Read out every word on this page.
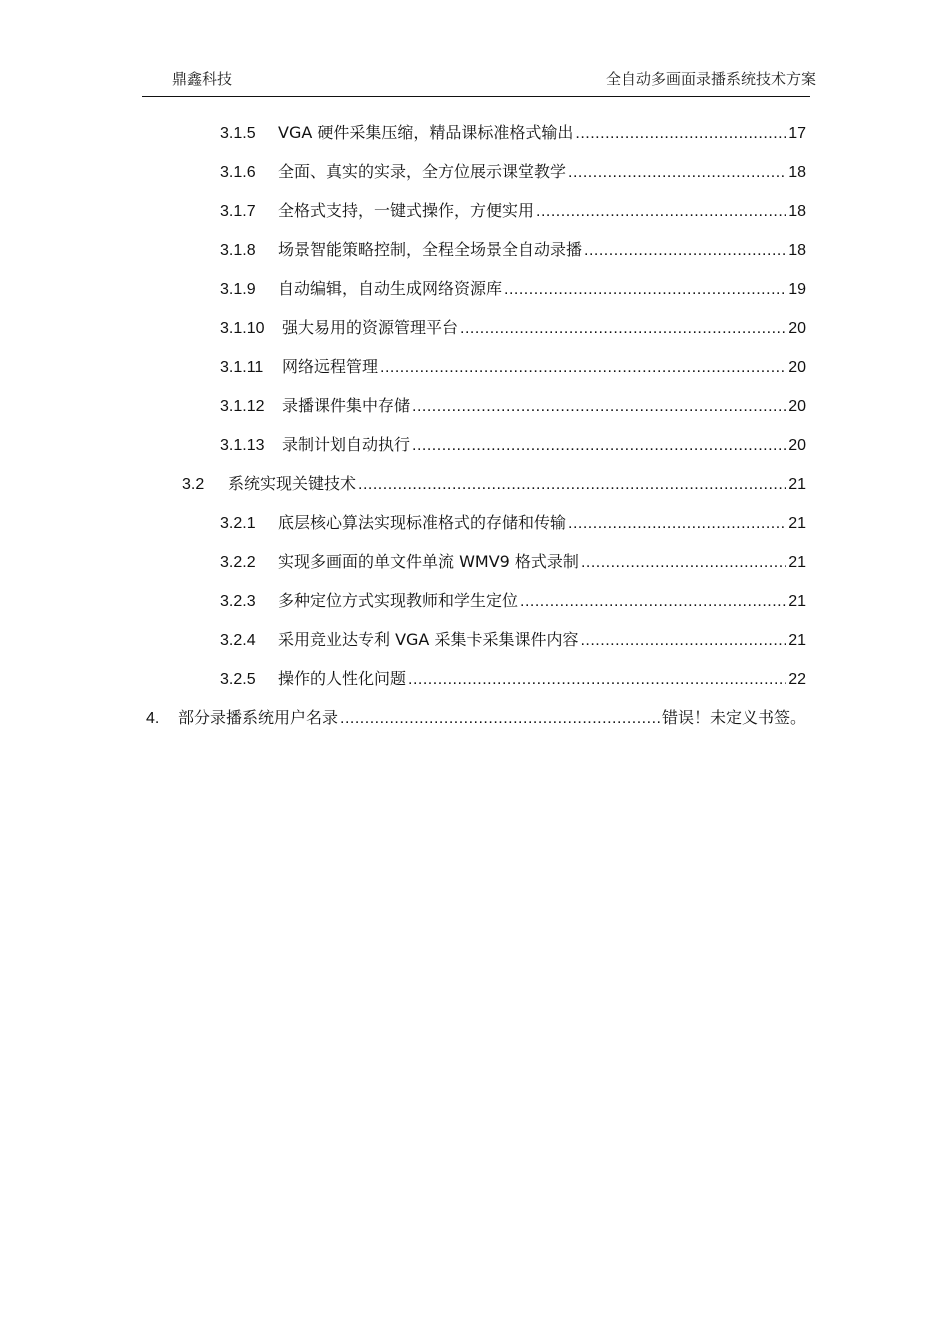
鼎鑫科技	全自动多画面录播系统技术方案
3.1.5	VGA 硬件采集压缩，精品课标准格式输出 .....	17
3.1.6	全面、真实的实录，全方位展示课堂教学 .....	18
3.1.7	全格式支持，一键式操作，方便实用 .....	18
3.1.8	场景智能策略控制，全程全场景全自动录播 .....	18
3.1.9	自动编辑，自动生成网络资源库 .....	19
3.1.10	强大易用的资源管理平台 .....	20
3.1.11	网络远程管理 .....	20
3.1.12	录播课件集中存储 .....	20
3.1.13	录制计划自动执行 .....	20
3.2	系统实现关键技术 .....	21
3.2.1	底层核心算法实现标准格式的存储和传输 .....	21
3.2.2	实现多画面的单文件单流 WMV9 格式录制 .....	21
3.2.3	多种定位方式实现教师和学生定位 .....	21
3.2.4	采用竞业达专利 VGA 采集卡采集课件内容 .....	21
3.2.5	操作的人性化问题 .....	22
4.	部分录播系统用户名录 .....	错误！未定义书签。
